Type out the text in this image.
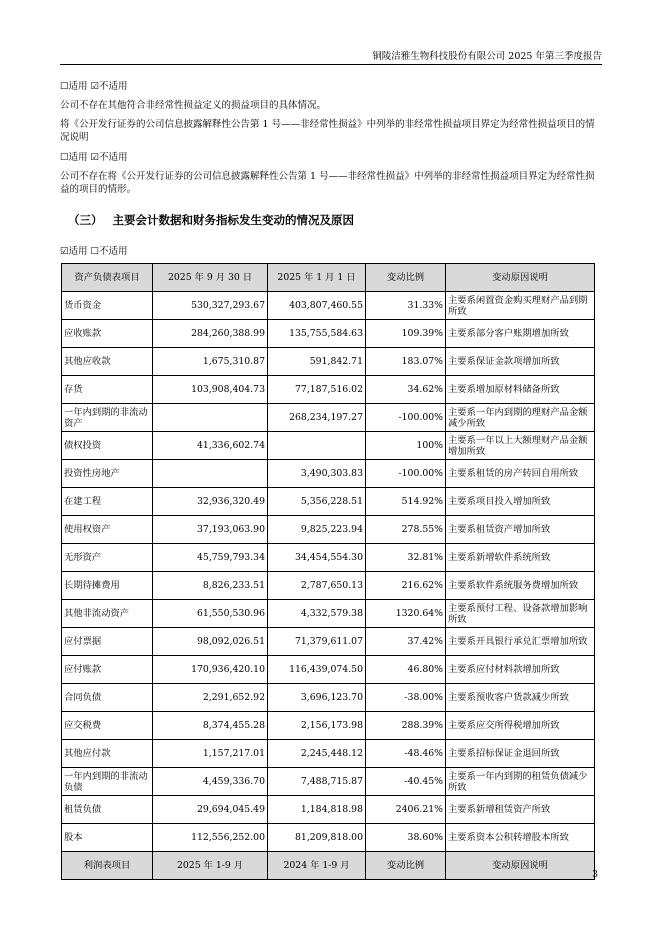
铜陵洁雅生物科技股份有限公司 2025 年第三季度报告
☐适用 ☑不适用
公司不存在其他符合非经常性损益定义的损益项目的具体情况。
将《公开发行证券的公司信息披露解释性公告第 1 号——非经常性损益》中列举的非经常性损益项目界定为经常性损益项目的情况说明
☐适用 ☑不适用
公司不存在将《公开发行证券的公司信息披露解释性公告第 1 号——非经常性损益》中列举的非经常性损益项目界定为经常性损益的项目的情形。
（三） 主要会计数据和财务指标发生变动的情况及原因
☑适用 ☐不适用
资产负债表项目	2025 年 9 月 30 日	2025 年 1 月 1 日	变动比例	变动原因说明
货币资金	530,327,293.67	403,807,460.55	31.33%	主要系闲置资金购买理财产品到期所致
应收账款	284,260,388.99	135,755,584.63	109.39%	主要系部分客户账期增加所致
其他应收款	1,675,310.87	591,842.71	183.07%	主要系保证金款项增加所致
存货	103,908,404.73	77,187,516.02	34.62%	主要系增加原材料储备所致
一年内到期的非流动资产		268,234,197.27	-100.00%	主要系一年内到期的理财产品金额减少所致
债权投资	41,336,602.74		100%	主要系一年以上大额理财产品金额增加所致
投资性房地产		3,490,303.83	-100.00%	主要系租赁的房产转回自用所致
在建工程	32,936,320.49	5,356,228.51	514.92%	主要系项目投入增加所致
使用权资产	37,193,063.90	9,825,223.94	278.55%	主要系租赁资产增加所致
无形资产	45,759,793.34	34,454,554.30	32.81%	主要系新增软件系统所致
长期待摊费用	8,826,233.51	2,787,650.13	216.62%	主要系软件系统服务费增加所致
其他非流动资产	61,550,530.96	4,332,579.38	1320.64%	主要系预付工程、设备款增加影响所致
应付票据	98,092,026.51	71,379,611.07	37.42%	主要系开具银行承兑汇票增加所致
应付账款	170,936,420.10	116,439,074.50	46.80%	主要系应付材料款增加所致
合同负债	2,291,652.92	3,696,123.70	-38.00%	主要系预收客户货款减少所致
应交税费	8,374,455.28	2,156,173.98	288.39%	主要系应交所得税增加所致
其他应付款	1,157,217.01	2,245,448.12	-48.46%	主要系招标保证金退回所致
一年内到期的非流动负债	4,459,336.70	7,488,715.87	-40.45%	主要系一年内到期的租赁负债减少所致
租赁负债	29,694,045.49	1,184,818.98	2406.21%	主要系新增租赁资产所致
股本	112,556,252.00	81,209,818.00	38.60%	主要系资本公积转增股本所致
利润表项目	2025 年 1-9 月	2024 年 1-9 月	变动比例	变动原因说明
3
